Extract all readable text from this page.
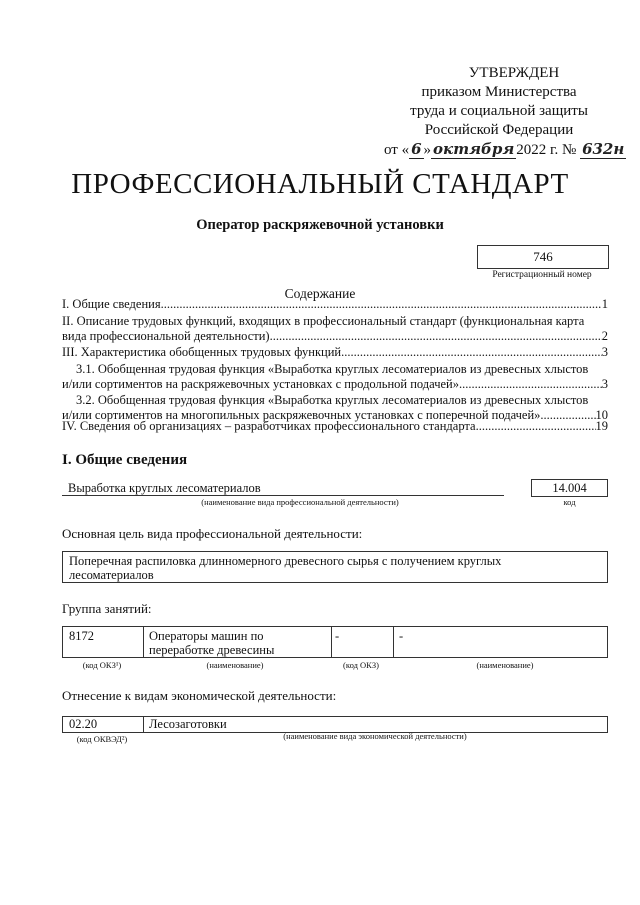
УТВЕРЖДЕН
приказом Министерства
труда и социальной защиты
Российской Федерации
от « 6 » октября 2022 г. № 632н
ПРОФЕССИОНАЛЬНЫЙ СТАНДАРТ
Оператор раскряжевочной установки
746
Регистрационный номер
Содержание
I. Общие сведения .....	1
II. Описание трудовых функций, входящих в профессиональный стандарт (функциональная карта
вида профессиональной деятельности) .....	2
III. Характеристика обобщенных трудовых функций .....	3
3.1. Обобщенная трудовая функция «Выработка круглых лесоматериалов из древесных хлыстов
и/или сортиментов на раскряжевочных установках с продольной подачей» .....	3
3.2. Обобщенная трудовая функция «Выработка круглых лесоматериалов из древесных хлыстов
и/или сортиментов на многопильных раскряжевочных установках с поперечной подачей» .....	10
IV. Сведения об организациях – разработчиках профессионального стандарта .....	19
I. Общие сведения
Выработка круглых лесоматериалов
(наименование вида профессиональной деятельности)
14.004
код
Основная цель вида профессиональной деятельности:
Поперечная распиловка длинномерного древесного сырья с получением круглых
лесоматериалов
Группа занятий:
8172	Операторы машин по
переработке древесины
-	-
(код ОКЗ¹)	(наименование)	(код ОКЗ)	(наименование)
Отнесение к видам экономической деятельности:
02.20	Лесозаготовки
(код ОКВЭД²)	(наименование вида экономической деятельности)
